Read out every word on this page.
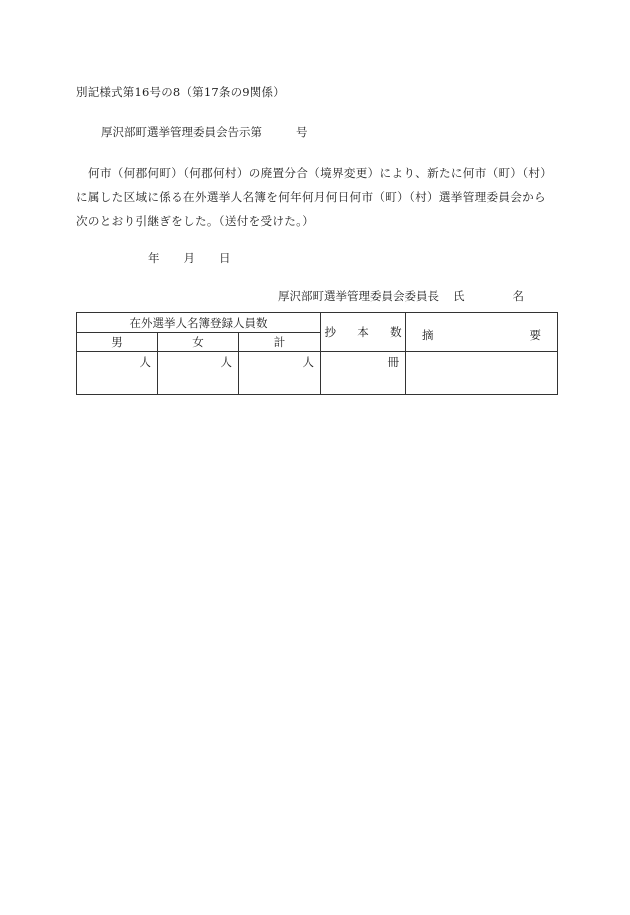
別記様式第16号の8（第17条の9関係）
厚沢部町選挙管理委員会告示第	号
何市（何郡何町）（何郡何村）の廃置分合（境界変更）により、新たに何市（町）（村）に属した区域に係る在外選挙人名簿を何年何月何日何市（町）（村）選挙管理委員会から次のとおり引継ぎをした。（送付を受けた。）
年 月 日
厚沢部町選挙管理委員会委員長 氏	名
在外選挙人名簿登録人員数			抄 本 数	摘 要

男	女	計		
人	人	人	冊	
